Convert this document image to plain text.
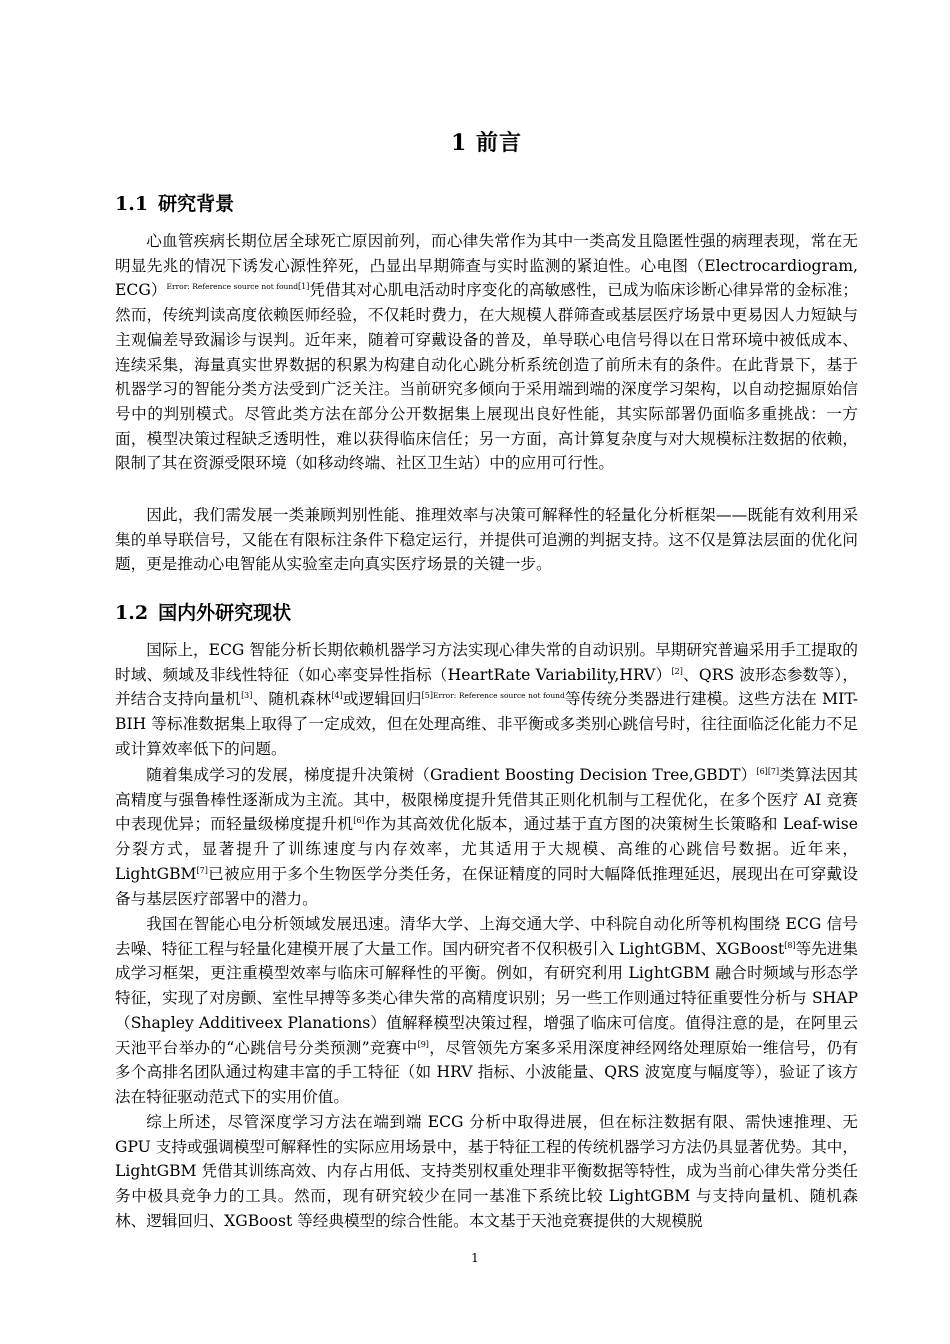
1 前言
1.1 研究背景

心血管疾病长期位居全球死亡原因前列，而心律失常作为其中一类高发且隐匿性强的病理表现，常在无明显先兆的情况下诱发心源性猝死，凸显出早期筛查与实时监测的紧迫性。心电图（Electrocardiogram, ECG）$^{Error: Reference source not found[1]}$凭借其对心肌电活动时序变化的高敏感性，已成为临床诊断心律异常的金标准；然而，传统判读高度依赖医师经验，不仅耗时费力，在大规模人群筛查或基层医疗场景中更易因人力短缺与主观偏差导致漏诊与误判。近年来，随着可穿戴设备的普及，单导联心电信号得以在日常环境中被低成本、连续采集，海量真实世界数据的积累为构建自动化心跳分析系统创造了前所未有的条件。在此背景下，基于机器学习的智能分类方法受到广泛关注。当前研究多倾向于采用端到端的深度学习架构，以自动挖掘原始信号中的判别模式。尽管此类方法在部分公开数据集上展现出良好性能，其实际部署仍面临多重挑战：一方面，模型决策过程缺乏透明性，难以获得临床信任；另一方面，高计算复杂度与对大规模标注数据的依赖，限制了其在资源受限环境（如移动终端、社区卫生站）中的应用可行性。

因此，我们需发展一类兼顾判别性能、推理效率与决策可解释性的轻量化分析框架——既能有效利用采集的单导联信号，又能在有限标注条件下稳定运行，并提供可追溯的判据支持。这不仅是算法层面的优化问题，更是推动心电智能从实验室走向真实医疗场景的关键一步。

1.2 国内外研究现状

国际上，ECG 智能分析长期依赖机器学习方法实现心律失常的自动识别。早期研究普遍采用手工提取的时域、频域及非线性特征（如心率变异性指标（HeartRate Variability,HRV）[2]、QRS 波形态参数等），并结合支持向量机[3]、随机森林[4]或逻辑回归$^{[5]Error: Reference source not found}$等传统分类器进行建模。这些方法在 MIT-BIH 等标准数据集上取得了一定成效，但在处理高维、非平衡或多类别心跳信号时，往往面临泛化能力不足或计算效率低下的问题。

随着集成学习的发展，梯度提升决策树（Gradient Boosting Decision Tree,GBDT）[6][7]类算法因其高精度与强鲁棒性逐渐成为主流。其中，极限梯度提升凭借其正则化机制与工程优化，在多个医疗 AI 竞赛中表现优异；而轻量级梯度提升机[6]作为其高效优化版本，通过基于直方图的决策树生长策略和 Leaf-wise 分裂方式，显著提升了训练速度与内存效率，尤其适用于大规模、高维的心跳信号数据。近年来，LightGBM[7]已被应用于多个生物医学分类任务，在保证精度的同时大幅降低推理延迟，展现出在可穿戴设备与基层医疗部署中的潜力。

我国在智能心电分析领域发展迅速。清华大学、上海交通大学、中科院自动化所等机构围绕 ECG 信号去噪、特征工程与轻量化建模开展了大量工作。国内研究者不仅积极引入 LightGBM、XGBoost[8]等先进集成学习框架，更注重模型效率与临床可解释性的平衡。例如，有研究利用 LightGBM 融合时频域与形态学特征，实现了对房颤、室性早搏等多类心律失常的高精度识别；另一些工作则通过特征重要性分析与 SHAP（Shapley Additiveex Planations）值解释模型决策过程，增强了临床可信度。值得注意的是，在阿里云天池平台举办的“心跳信号分类预测”竞赛中[9]，尽管领先方案多采用深度神经网络处理原始一维信号，仍有多个高排名团队通过构建丰富的手工特征（如 HRV 指标、小波能量、QRS 波宽度与幅度等），验证了该方法在特征驱动范式下的实用价值。

综上所述，尽管深度学习方法在端到端 ECG 分析中取得进展，但在标注数据有限、需快速推理、无 GPU 支持或强调模型可解释性的实际应用场景中，基于特征工程的传统机器学习方法仍具显著优势。其中，LightGBM 凭借其训练高效、内存占用低、支持类别权重处理非平衡数据等特性，成为当前心律失常分类任务中极具竞争力的工具。然而，现有研究较少在同一基准下系统比较 LightGBM 与支持向量机、随机森林、逻辑回归、XGBoost 等经典模型的综合性能。本文基于天池竞赛提供的大规模脱

1
